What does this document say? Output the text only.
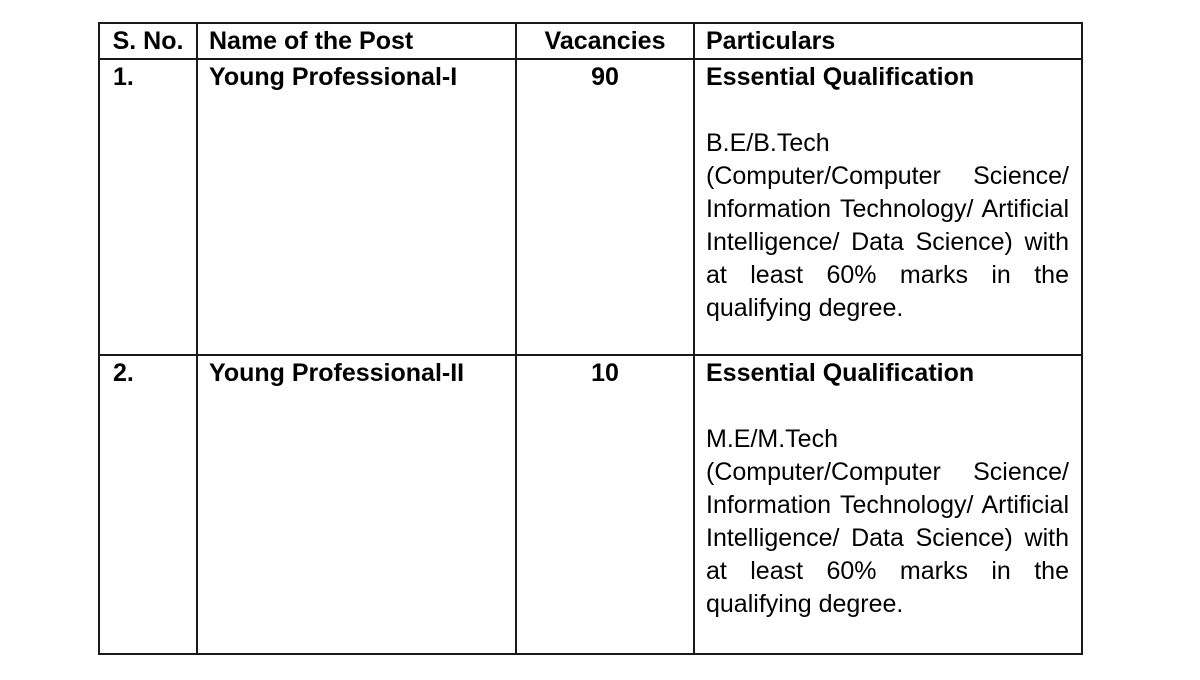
S. No.	Name of the Post	Vacancies	Particulars
1.	Young Professional-I	90	Essential Qualification
B.E/B.Tech
(Computer/Computer Science/ Information Technology/ Artificial Intelligence/ Data Science) with at least 60% marks in the qualifying degree.

2.	Young Professional-II	10	Essential Qualification
M.E/M.Tech
(Computer/Computer Science/ Information Technology/ Artificial Intelligence/ Data Science) with at least 60% marks in the qualifying degree.
